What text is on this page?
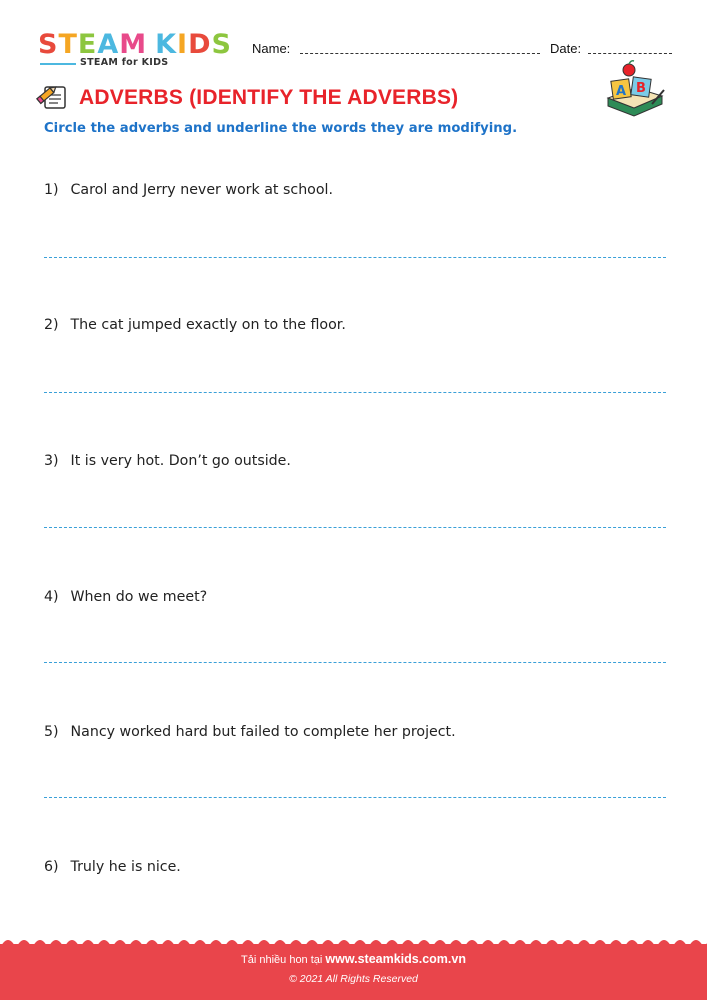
STEAM KIDS
STEAM for KIDS
Name:	Date:
ADVERBS (IDENTIFY THE ADVERBS)	A B
Circle the adverbs and underline the words they are modifying.
1) Carol and Jerry never work at school.
2) The cat jumped exactly on to the floor.
3) It is very hot. Don’t go outside.
4) When do we meet?
5) Nancy worked hard but failed to complete her project.
6) Truly he is nice.
Tải nhiều hon tại www.steamkids.com.vn
© 2021 All Rights Reserved
